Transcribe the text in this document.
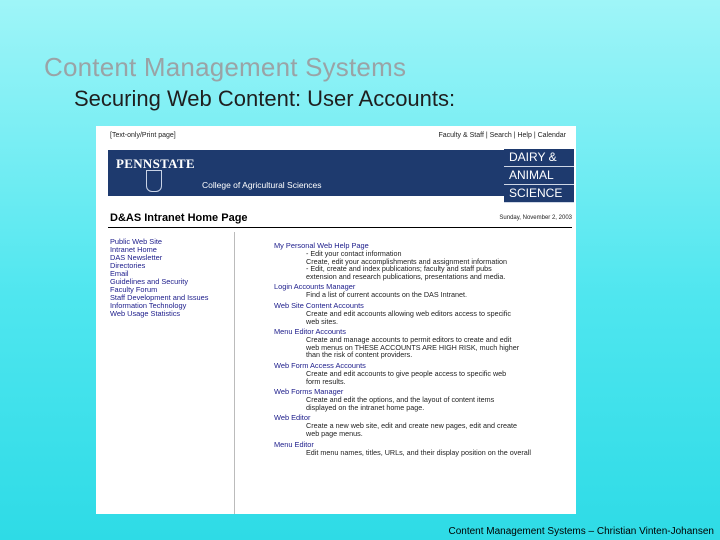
Content Management Systems
Securing Web Content: User Accounts:
[Text-only/Print page]	Faculty & Staff | Search | Help | Calendar
PENNSTATE
College of Agricultural Sciences
DAIRY &
ANIMAL
SCIENCE
D&AS Intranet Home Page	Sunday, November 2, 2003
Public Web Site
Intranet Home
DAS Newsletter
Directories
Email
Guidelines and Security
Faculty Forum
Staff Development and Issues
Information Technology
Web Usage Statistics
My Personal Web Help Page
- Edit your contact information
Create, edit your accomplishments and assignment information
- Edit, create and index publications; faculty and staff pubs
extension and research publications, presentations and media.
Login Accounts Manager
Find a list of current accounts on the DAS Intranet.
Web Site Content Accounts
Create and edit accounts allowing web editors access to specific
web sites.
Menu Editor Accounts
Create and manage accounts to permit editors to create and edit
web menus on THESE ACCOUNTS ARE HIGH RISK, much higher
than the risk of content providers.
Web Form Access Accounts
Create and edit accounts to give people access to specific web
form results.
Web Forms Manager
Create and edit the options, and the layout of content items
displayed on the intranet home page.
Web Editor
Create a new web site, edit and create new pages, edit and create
web page menus.
Menu Editor
Edit menu names, titles, URLs, and their display position on the overall
Content Management Systems – Christian Vinten-Johansen
